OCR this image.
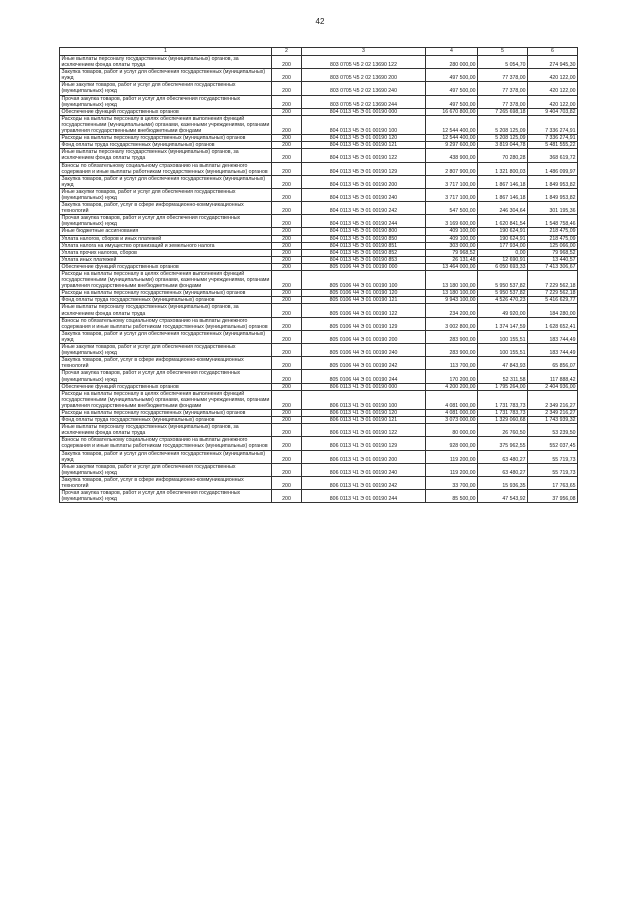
42
1	2	3	4	5	6
Иные выплаты персоналу государственных (муниципальных) органов, за исключением фонда оплаты труда	200	803 0705 Ч5 2 02 13690 122	280 000,00	5 054,70	274 945,30
Закупка товаров, работ и услуг для обеспечения государственных (муниципальных) нужд	200	803 0705 Ч5 2 02 13690 200	497 500,00	77 378,00	420 122,00
Иные закупки товаров, работ и услуг для обеспечения государственных (муниципальных) нужд	200	803 0705 Ч5 2 02 13690 240	497 500,00	77 378,00	420 122,00
Прочая закупка товаров, работ и услуг для обеспечения государственных (муниципальных) нужд	200	803 0705 Ч5 2 02 13690 244	497 500,00	77 378,00	420 122,00
Обеспечение функций государственных органов	200	804 0113 Ч5 Э 01 00190 000	16 670 800,00	7 265 698,18	9 404 703,82
Расходы на выплаты персоналу в целях обеспечения выполнения функций государственными (муниципальными) органами, казенными учреждениями, органами управления государственными внебюджетными фондами	200	804 0113 Ч5 Э 01 00190 100	12 544 400,00	5 208 125,09	7 336 274,91
Расходы на выплаты персоналу государственных (муниципальных) органов	200	804 0113 Ч5 Э 01 00190 120	12 544 400,00	5 208 125,09	7 336 274,91
Фонд оплаты труда государственных (муниципальных) органов	200	804 0113 Ч5 Э 01 00190 121	9 297 600,00	3 819 044,78	5 481 555,22
Иные выплаты персоналу государственных (муниципальных) органов, за исключением фонда оплаты труда	200	804 0113 Ч5 Э 01 00190 122	438 900,00	70 280,28	368 619,72
Взносы по обязательному социальному страхованию на выплаты денежного содержания и иные выплаты работникам государственных (муниципальных) органов	200	804 0113 Ч5 Э 01 00190 129	2 807 900,00	1 321 800,03	1 486 099,97
Закупка товаров, работ и услуг для обеспечения государственных (муниципальных) нужд	200	804 0113 Ч5 Э 01 00190 200	3 717 100,00	1 867 146,18	1 849 953,82
Иные закупки товаров, работ и услуг для обеспечения государственных (муниципальных) нужд	200	804 0113 Ч5 Э 01 00190 240	3 717 100,00	1 867 146,18	1 849 953,82
Закупка товаров, работ, услуг в сфере информационно-коммуникационных технологий	200	804 0113 Ч5 Э 01 00190 242	547 500,00	246 304,64	301 195,36
Прочая закупка товаров, работ и услуг для обеспечения государственных (муниципальных) нужд	200	804 0113 Ч5 Э 01 00190 244	3 169 600,00	1 620 841,54	1 548 758,46
Иные бюджетные ассигнования	200	804 0113 Ч5 Э 01 00190 800	409 100,00	190 624,91	218 475,09
Уплата налогов, сборов и иных платежей	200	804 0113 Ч5 Э 01 00190 850	409 100,00	190 624,91	218 475,09
Уплата налога на имущество организаций и земельного налога	200	804 0113 Ч5 Э 01 00190 851	303 000,00	177 934,00	125 066,00
Уплата прочих налогов, сборов	200	804 0113 Ч5 Э 01 00190 852	79 968,52	0,00	79 968,52
Уплата иных платежей	200	804 0113 Ч5 Э 01 00190 853	26 131,48	12 690,91	13 440,57
Обеспечение функций государственных органов	200	805 0106 Ч4 Э 01 00190 000	13 464 000,00	6 050 693,33	7 413 306,67
Расходы на выплаты персоналу в целях обеспечения выполнения функций государственными (муниципальными) органами, казенными учреждениями, органами управления государственными внебюджетными фондами	200	805 0106 Ч4 Э 01 00190 100	13 180 100,00	5 950 537,82	7 229 562,18
Расходы на выплаты персоналу государственных (муниципальных) органов	200	805 0106 Ч4 Э 01 00190 120	13 180 100,00	5 950 537,82	7 229 562,18
Фонд оплаты труда государственных (муниципальных) органов	200	805 0106 Ч4 Э 01 00190 121	9 943 100,00	4 526 470,23	5 416 629,77
Иные выплаты персоналу государственных (муниципальных) органов, за исключением фонда оплаты труда	200	805 0106 Ч4 Э 01 00190 122	234 200,00	49 920,00	184 280,00
Взносы по обязательному социальному страхованию на выплаты денежного содержания и иные выплаты работникам государственных (муниципальных) органов	200	805 0106 Ч4 Э 01 00190 129	3 002 800,00	1 374 147,59	1 628 652,41
Закупка товаров, работ и услуг для обеспечения государственных (муниципальных) нужд	200	805 0106 Ч4 Э 01 00190 200	283 900,00	100 155,51	183 744,49
Иные закупки товаров, работ и услуг для обеспечения государственных (муниципальных) нужд	200	805 0106 Ч4 Э 01 00190 240	283 900,00	100 155,51	183 744,49
Закупка товаров, работ, услуг в сфере информационно-коммуникационных технологий	200	805 0106 Ч4 Э 01 00190 242	113 700,00	47 843,93	65 856,07
Прочая закупка товаров, работ и услуг для обеспечения государственных (муниципальных) нужд	200	805 0106 Ч4 Э 01 00190 244	170 200,00	52 311,58	117 888,42
Обеспечение функций государственных органов	200	806 0113 Ч1 Э 01 00190 000	4 200 200,00	1 795 264,00	2 404 936,00
Расходы на выплаты персоналу в целях обеспечения выполнения функций государственными (муниципальными) органами, казенными учреждениями, органами управления государственными внебюджетными фондами	200	806 0113 Ч1 Э 01 00190 100	4 081 000,00	1 731 783,73	2 349 216,27
Расходы на выплаты персоналу государственных (муниципальных) органов	200	806 0113 Ч1 Э 01 00190 120	4 081 000,00	1 731 783,73	2 349 216,27
Фонд оплаты труда государственных (муниципальных) органов	200	806 0113 Ч1 Э 01 00190 121	3 073 000,00	1 329 060,68	1 743 939,32
Иные выплаты персоналу государственных (муниципальных) органов, за исключением фонда оплаты труда	200	806 0113 Ч1 Э 01 00190 122	80 000,00	26 760,50	53 239,50
Взносы по обязательному социальному страхованию на выплаты денежного содержания и иные выплаты работникам государственных (муниципальных) органов	200	806 0113 Ч1 Э 01 00190 129	928 000,00	375 962,55	552 037,45
Закупка товаров, работ и услуг для обеспечения государственных (муниципальных) нужд	200	806 0113 Ч1 Э 01 00190 200	119 200,00	63 480,27	55 719,73
Иные закупки товаров, работ и услуг для обеспечения государственных (муниципальных) нужд	200	806 0113 Ч1 Э 01 00190 240	119 200,00	63 480,27	55 719,73
Закупка товаров, работ, услуг в сфере информационно-коммуникационных технологий	200	806 0113 Ч1 Э 01 00190 242	33 700,00	15 936,35	17 763,65
Прочая закупка товаров, работ и услуг для обеспечения государственных (муниципальных) нужд	200	806 0113 Ч1 Э 01 00190 244	85 500,00	47 543,92	37 956,08
